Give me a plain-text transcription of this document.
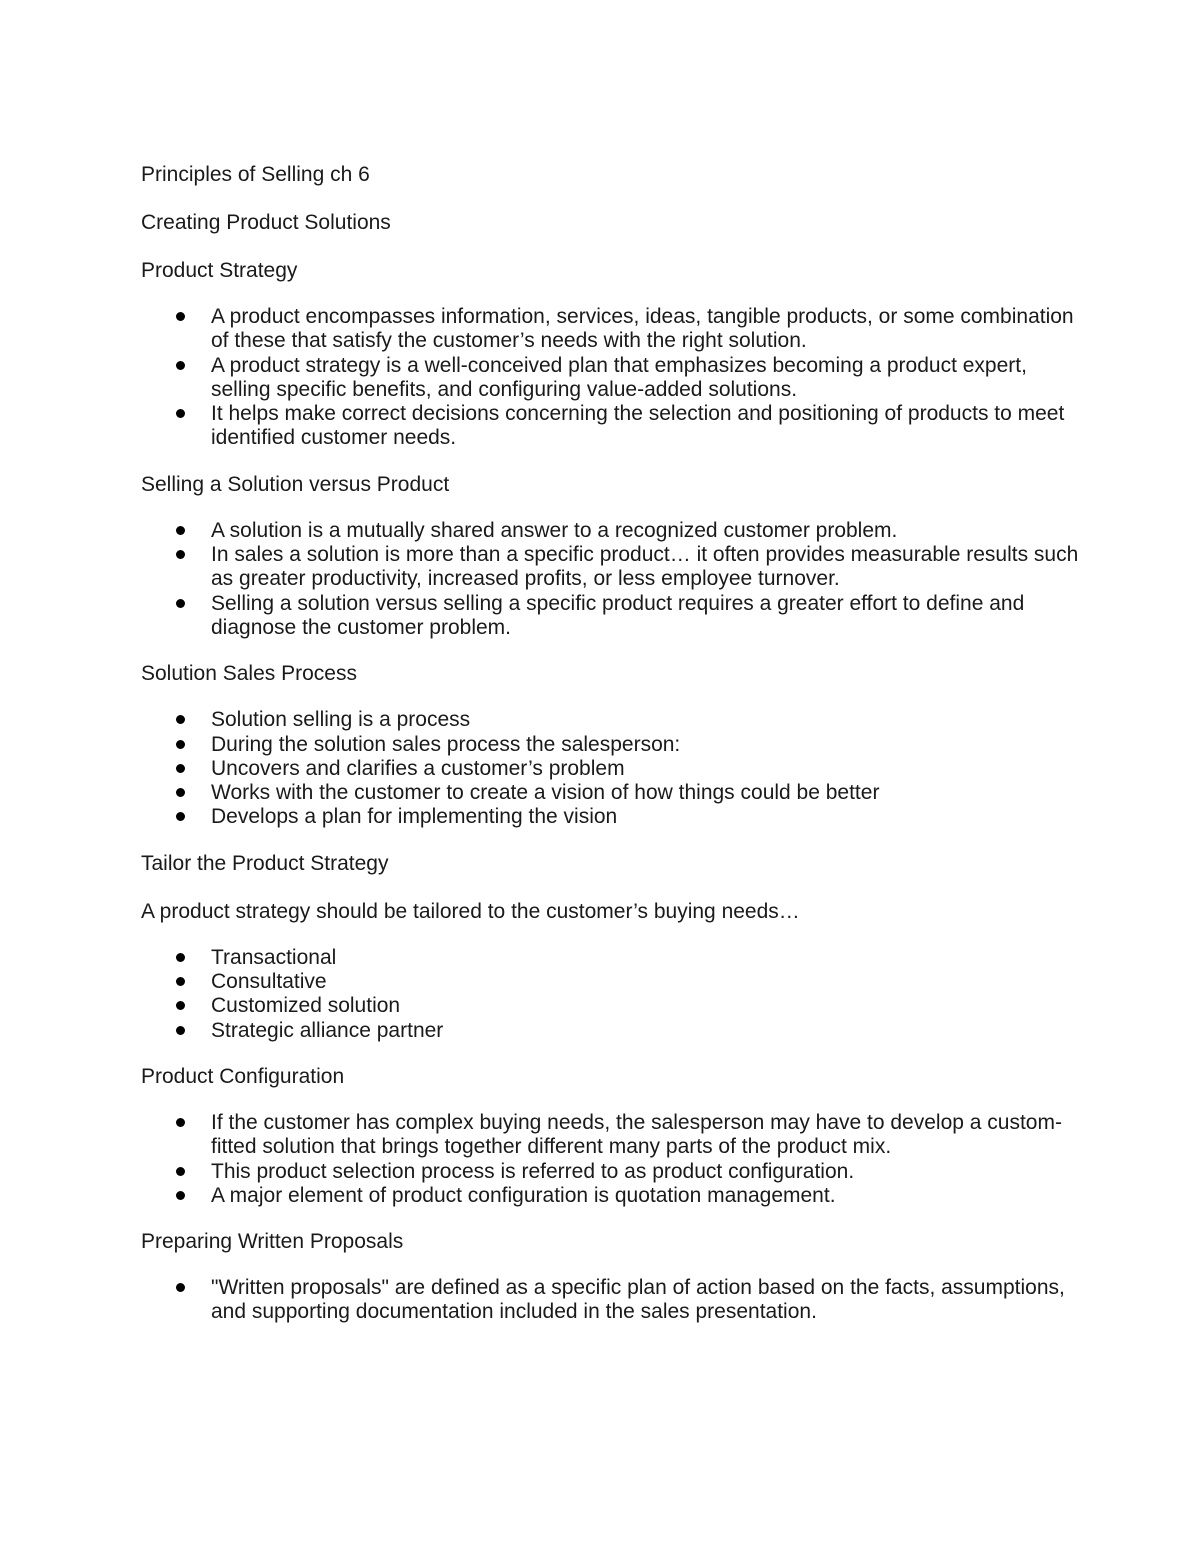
Principles of Selling ch 6
Creating Product Solutions
Product Strategy
A product encompasses information, services, ideas, tangible products, or some combination of these that satisfy the customer’s needs with the right solution.
A product strategy is a well-conceived plan that emphasizes becoming a product expert, selling specific benefits, and configuring value-added solutions.
It helps make correct decisions concerning the selection and positioning of products to meet identified customer needs.
Selling a Solution versus Product
A solution is a mutually shared answer to a recognized customer problem.
In sales a solution is more than a specific product… it often provides measurable results such as greater productivity, increased profits, or less employee turnover.
Selling a solution versus selling a specific product requires a greater effort to define and diagnose the customer problem.
Solution Sales Process
Solution selling is a process
During the solution sales process the salesperson:
Uncovers and clarifies a customer’s problem
Works with the customer to create a vision of how things could be better
Develops a plan for implementing the vision
Tailor the Product Strategy
A product strategy should be tailored to the customer’s buying needs…
Transactional
Consultative
Customized solution
Strategic alliance partner
Product Configuration
If the customer has complex buying needs, the salesperson may have to develop a custom-fitted solution that brings together different many parts of the product mix.
This product selection process is referred to as product configuration.
A major element of product configuration is quotation management.
Preparing Written Proposals
"Written proposals" are defined as a specific plan of action based on the facts, assumptions, and supporting documentation included in the sales presentation.
